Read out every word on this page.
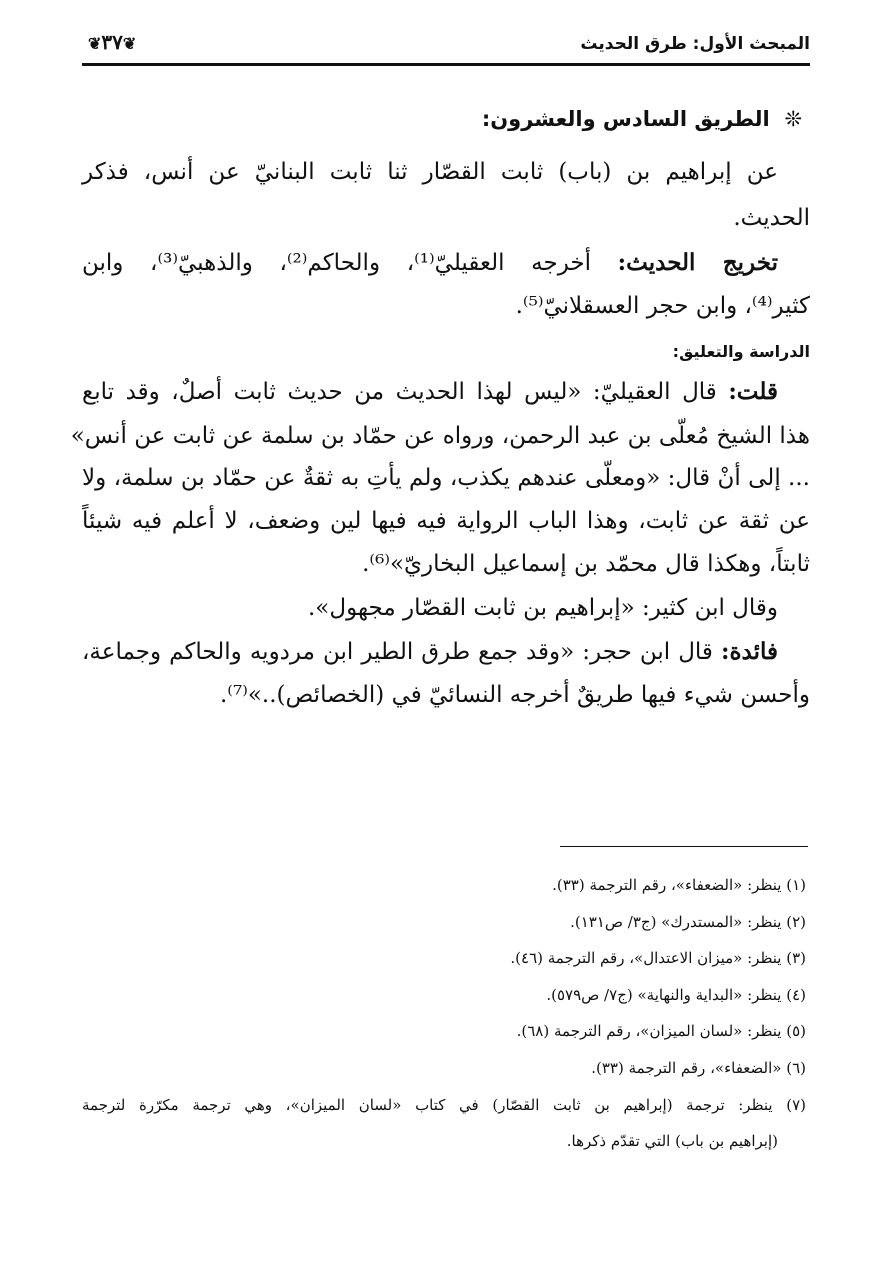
المبحث الأول: طرق الحديث
❦٣٧❦
❊  الطريق السادس والعشرون:
عن إبراهيم بن (باب) ثابت القصّار ثنا ثابت البنانيّ عن أنس، فذكر
الحديث.
تخريج الحديث: أخرجه العقيليّ⁽¹⁾، والحاكم⁽²⁾، والذهبيّ⁽³⁾، وابن
كثير⁽⁴⁾، وابن حجر العسقلانيّ⁽⁵⁾.
الدراسة والتعليق:
قلت: قال العقيليّ: «ليس لهذا الحديث من حديث ثابت أصلٌ، وقد تابع
هذا الشيخ مُعلّى بن عبد الرحمن، ورواه عن حمّاد بن سلمة عن ثابت عن أنس»
... إلى أنْ قال: «ومعلّى عندهم يكذب، ولم يأتِ به ثقةٌ عن حمّاد بن سلمة، ولا
عن ثقة عن ثابت، وهذا الباب الرواية فيه فيها لين وضعف، لا أعلم فيه شيئاً
ثابتاً، وهكذا قال محمّد بن إسماعيل البخاريّ»⁽⁶⁾.
وقال ابن كثير: «إبراهيم بن ثابت القصّار مجهول».
فائدة: قال ابن حجر: «وقد جمع طرق الطير ابن مردويه والحاكم وجماعة،
وأحسن شيء فيها طريقٌ أخرجه النسائيّ في (الخصائص)..»⁽⁷⁾.
(١) ينظر: «الضعفاء»، رقم الترجمة (٣٣).
(٢) ينظر: «المستدرك» (ج٣/ ص١٣١).
(٣) ينظر: «ميزان الاعتدال»، رقم الترجمة (٤٦).
(٤) ينظر: «البداية والنهاية» (ج٧/ ص٥٧٩).
(٥) ينظر: «لسان الميزان»، رقم الترجمة (٦٨).
(٦) «الضعفاء»، رقم الترجمة (٣٣).
(٧) ينظر: ترجمة (إبراهيم بن ثابت القصّار) في كتاب «لسان الميزان»، وهي ترجمة مكرّرة لترجمة
(إبراهيم بن باب) التي تقدّم ذكرها.
